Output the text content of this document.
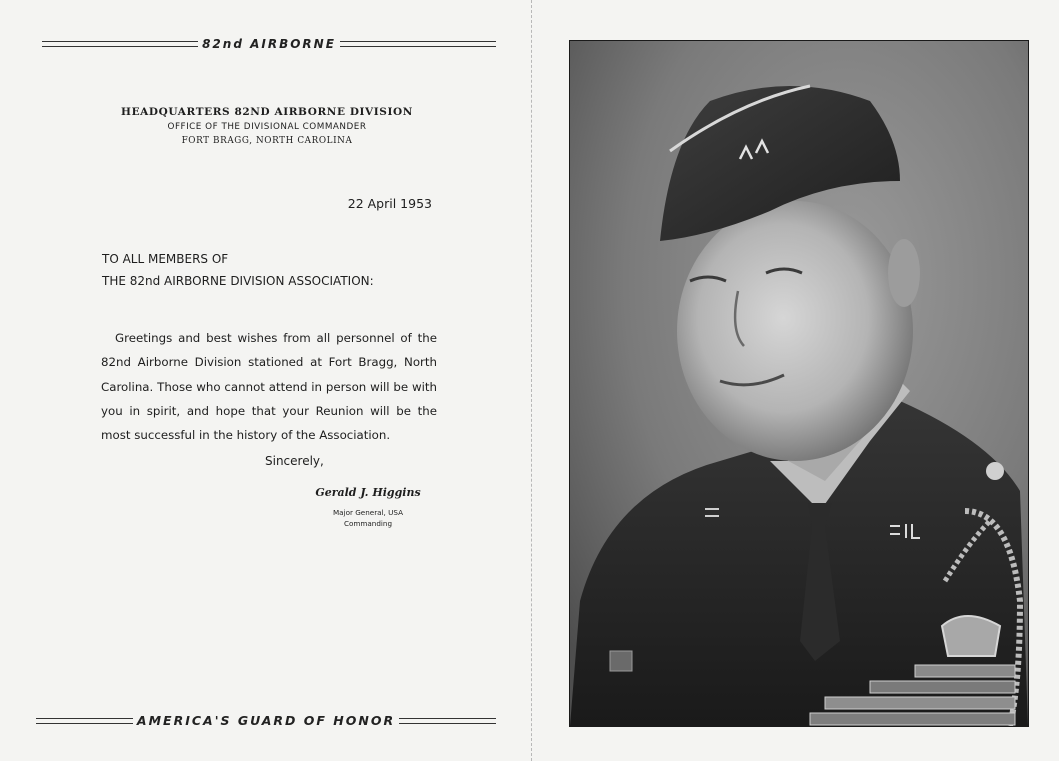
82nd AIRBORNE
HEADQUARTERS 82ND AIRBORNE DIVISION
OFFICE OF THE DIVISIONAL COMMANDER
FORT BRAGG, NORTH CAROLINA
22 April 1953
TO ALL MEMBERS OF
THE 82nd AIRBORNE DIVISION ASSOCIATION:
Greetings and best wishes from all personnel of the 82nd Airborne Division stationed at Fort Bragg, North Carolina. Those who cannot attend in person will be with you in spirit, and hope that your Reunion will be the most successful in the history of the Association.
Sincerely,
Gerald J. Higgins
Major General, USA
Commanding
AMERICA'S GUARD OF HONOR
